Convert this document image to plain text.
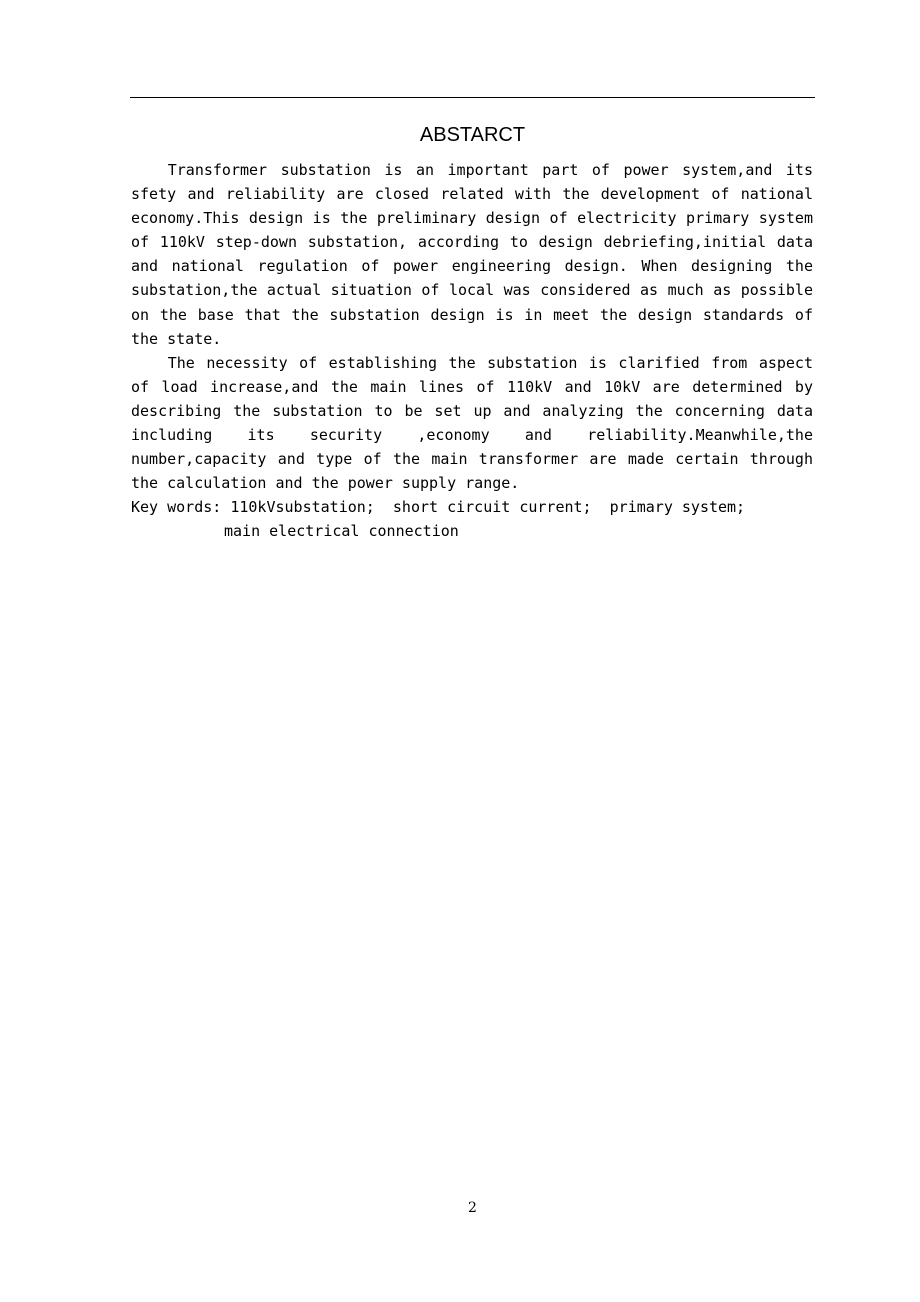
ABSTARCT

Transformer substation is an important part of power system,and its sfety and reliability are closed related with the development of national economy.This design is the preliminary design of electricity primary system of 110kV step-down substation, according to design debriefing,initial data and national regulation of power engineering design. When designing the substation,the actual situation of local was considered as much as possible on the base that the substation design is in meet the design standards of the state.

The necessity of establishing the substation is clarified from aspect of load increase,and the main lines of 110kV and 10kV are determined by describing the substation to be set up and analyzing the concerning data including its security ,economy and reliability.Meanwhile,the number,capacity and type of the main transformer are made certain through the calculation and the power supply range.

Key words: 110kVsubstation;  short circuit current;  primary system;
main electrical connection

2
